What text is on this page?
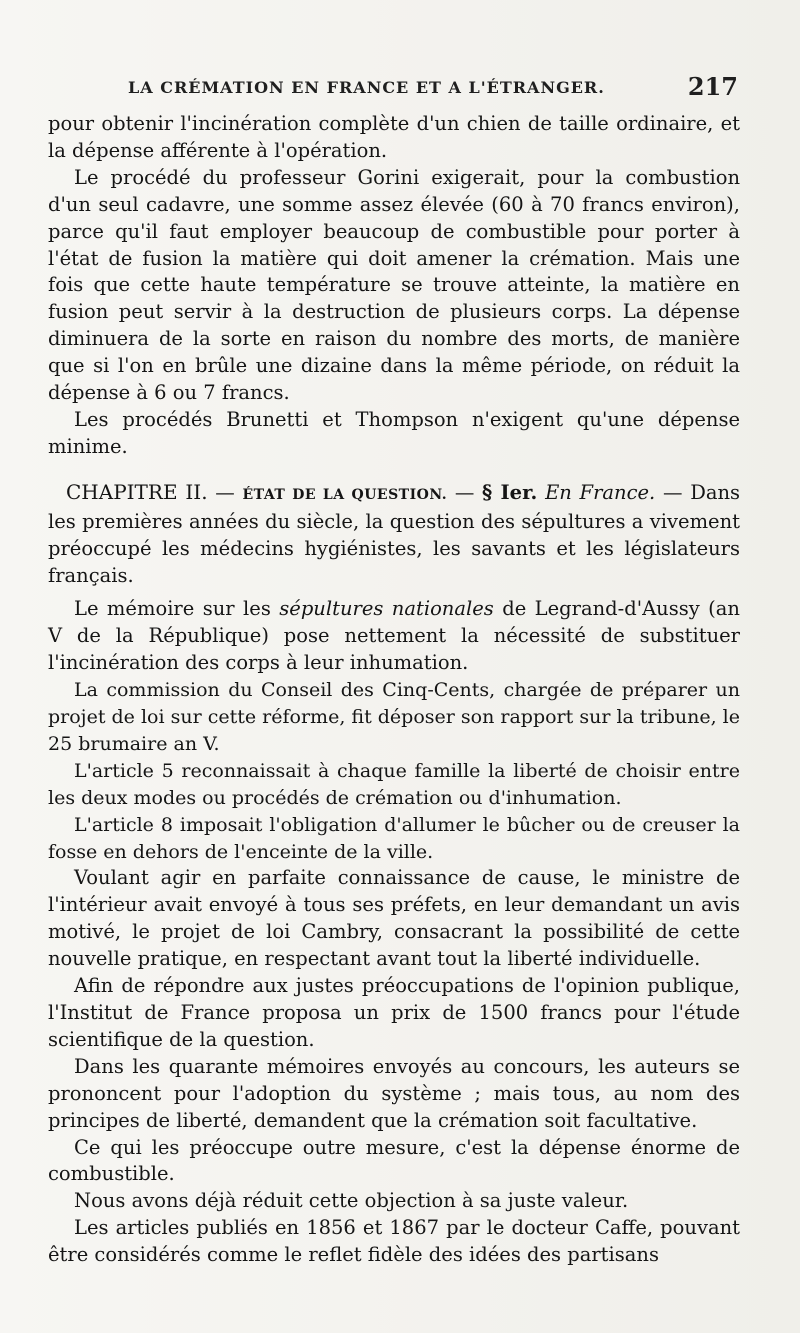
LA CRÉMATION EN FRANCE ET A L'ÉTRANGER.	217

pour obtenir l'incinération complète d'un chien de taille ordinaire, et la dépense afférente à l'opération.

Le procédé du professeur Gorini exigerait, pour la combustion d'un seul cadavre, une somme assez élevée (60 à 70 francs environ), parce qu'il faut employer beaucoup de combustible pour porter à l'état de fusion la matière qui doit amener la crémation. Mais une fois que cette haute température se trouve atteinte, la matière en fusion peut servir à la destruction de plusieurs corps. La dépense diminuera de la sorte en raison du nombre des morts, de manière que si l'on en brûle une dizaine dans la même période, on réduit la dépense à 6 ou 7 francs.

Les procédés Brunetti et Thompson n'exigent qu'une dépense minime.

CHAPITRE II. — ÉTAT DE LA QUESTION. — § Ier. En France. — Dans les premières années du siècle, la question des sépultures a vivement préoccupé les médecins hygiénistes, les savants et les législateurs français.

Le mémoire sur les sépultures nationales de Legrand-d'Aussy (an V de la République) pose nettement la nécessité de substituer l'incinération des corps à leur inhumation.

La commission du Conseil des Cinq-Cents, chargée de préparer un projet de loi sur cette réforme, fit déposer son rapport sur la tribune, le 25 brumaire an V.

L'article 5 reconnaissait à chaque famille la liberté de choisir entre les deux modes ou procédés de crémation ou d'inhumation.

L'article 8 imposait l'obligation d'allumer le bûcher ou de creuser la fosse en dehors de l'enceinte de la ville.

Voulant agir en parfaite connaissance de cause, le ministre de l'intérieur avait envoyé à tous ses préfets, en leur demandant un avis motivé, le projet de loi Cambry, consacrant la possibilité de cette nouvelle pratique, en respectant avant tout la liberté individuelle.

Afin de répondre aux justes préoccupations de l'opinion publique, l'Institut de France proposa un prix de 1500 francs pour l'étude scientifique de la question.

Dans les quarante mémoires envoyés au concours, les auteurs se prononcent pour l'adoption du système ; mais tous, au nom des principes de liberté, demandent que la crémation soit facultative.

Ce qui les préoccupe outre mesure, c'est la dépense énorme de combustible.

Nous avons déjà réduit cette objection à sa juste valeur.

Les articles publiés en 1856 et 1867 par le docteur Caffe, pouvant être considérés comme le reflet fidèle des idées des partisans
